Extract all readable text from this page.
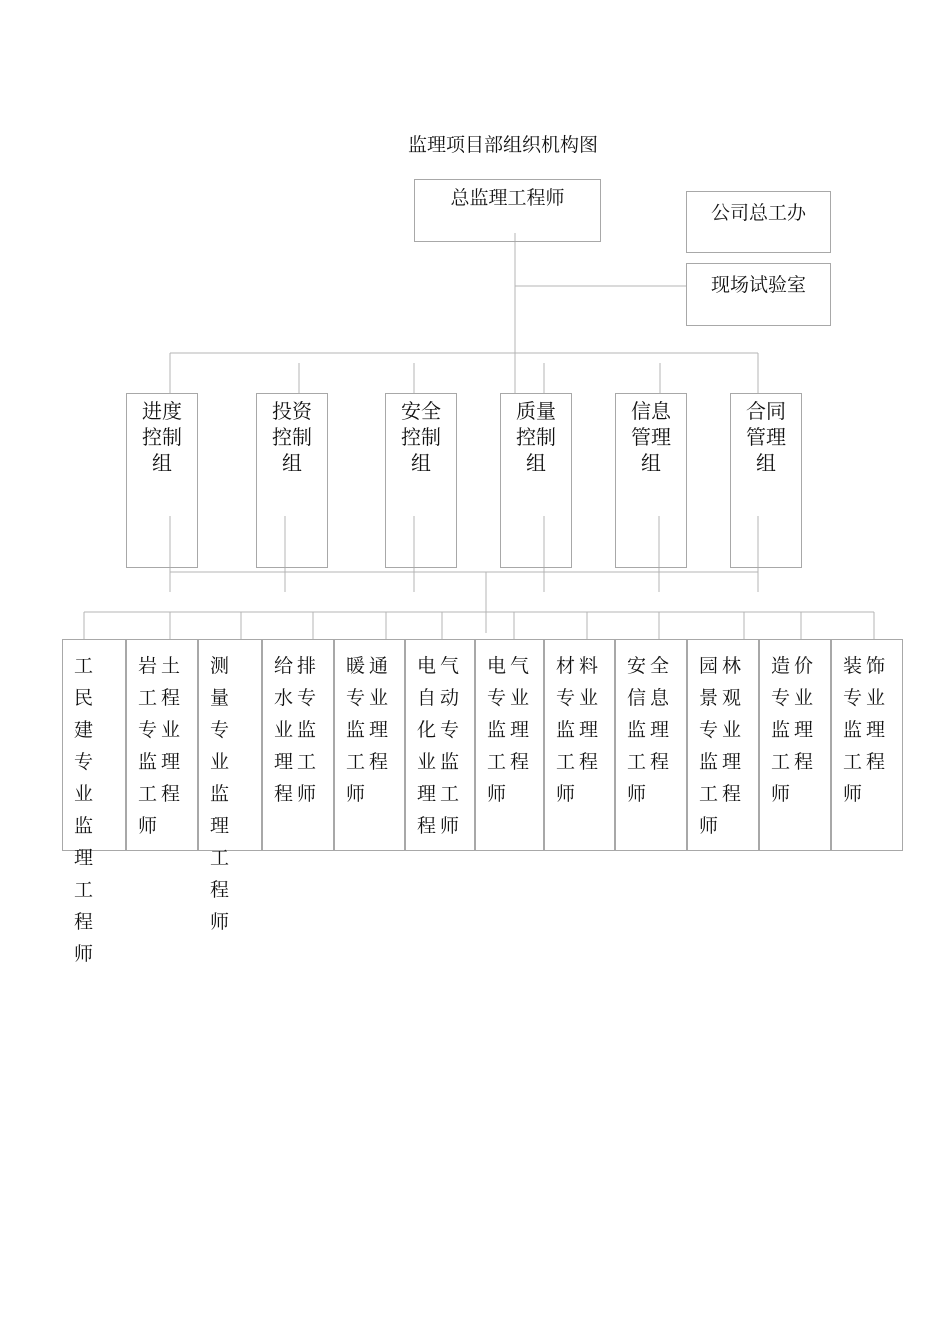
监理项目部组织机构图
总监理工程师
公司总工办
现场试验室
进度控制组
投资控制组
安全控制组
质量控制组
信息管理组
合同管理组
工民建专业监理工程师
岩土工程专业监理工程师
测量专业监理工程师
给排水专业监理工程师
暖通专业监理工程师
电气自动化专业监理工程师
电气专业监理工程师
材料专业监理工程师
安全信息监理工程师
园林景观专业监理工程师
造价专业监理工程师
装饰专业监理工程师
